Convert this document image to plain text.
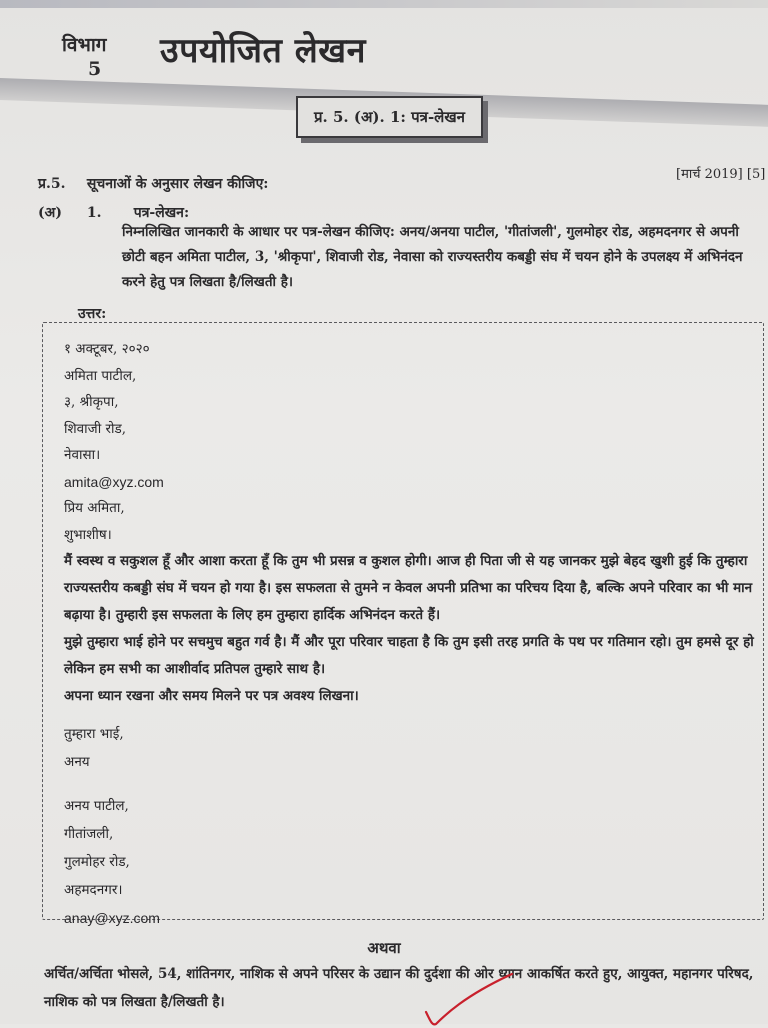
विभाग
5	उपयोजित लेखन
प्र. 5. (अ). 1: पत्र-लेखन
[मार्च 2019] [5]
प्र.5. सूचनाओं के अनुसार लेखन कीजिए:
(अ) 1. पत्र-लेखन:
निम्नलिखित जानकारी के आधार पर पत्र-लेखन कीजिए: अनय/अनया पाटील, 'गीतांजली', गुलमोहर रोड, अहमदनगर से अपनी छोटी बहन अमिता पाटील, 3, 'श्रीकृपा', शिवाजी रोड, नेवासा को राज्यस्तरीय कबड्डी संघ में चयन होने के उपलक्ष्य में अभिनंदन करने हेतु पत्र लिखता है/लिखती है।
उत्तर:
१ अक्टूबर, २०२०
अमिता पाटील,
३, श्रीकृपा,
शिवाजी रोड,
नेवासा।
amita@xyz.com
प्रिय अमिता,
शुभाशीष।

मैं स्वस्थ व सकुशल हूँ और आशा करता हूँ कि तुम भी प्रसन्न व कुशल होगी। आज ही पिता जी से यह जानकर मुझे बेहद खुशी हुई कि तुम्हारा राज्यस्तरीय कबड्डी संघ में चयन हो गया है। इस सफलता से तुमने न केवल अपनी प्रतिभा का परिचय दिया है, बल्कि अपने परिवार का भी मान बढ़ाया है। तुम्हारी इस सफलता के लिए हम तुम्हारा हार्दिक अभिनंदन करते हैं।

मुझे तुम्हारा भाई होने पर सचमुच बहुत गर्व है। मैं और पूरा परिवार चाहता है कि तुम इसी तरह प्रगति के पथ पर गतिमान रहो। तुम हमसे दूर हो लेकिन हम सभी का आशीर्वाद प्रतिपल तुम्हारे साथ है।

अपना ध्यान रखना और समय मिलने पर पत्र अवश्य लिखना।

तुम्हारा भाई,
अनय
अनय पाटील,
गीतांजली,
गुलमोहर रोड,
अहमदनगर।
anay@xyz.com
अथवा
अर्चित/अर्चिता भोसले, 54, शांतिनगर, नाशिक से अपने परिसर के उद्यान की दुर्दशा की ओर ध्यान आकर्षित करते हुए, आयुक्त, महानगर परिषद, नाशिक को पत्र लिखता है/लिखती है।
